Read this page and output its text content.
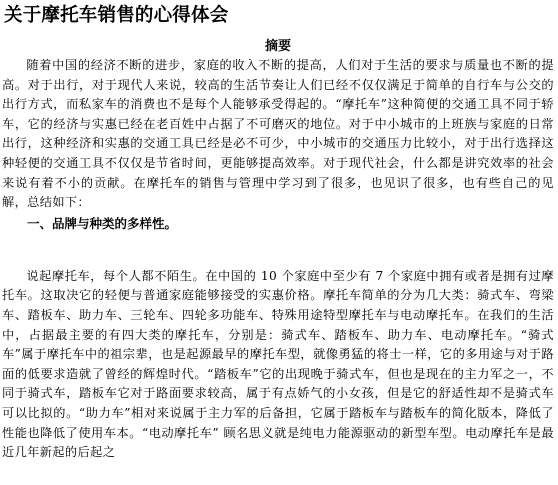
关于摩托车销售的心得体会
摘要

随着中国的经济不断的进步，家庭的收入不断的提高，人们对于生活的要求与质量也不断的提高。对于出行，对于现代人来说，较高的生活节奏让人们已经不仅仅满足于简单的自行车与公交的出行方式，而私家车的消费也不是每个人能够承受得起的。“摩托车”这种简便的交通工具不同于轿车，它的经济与实惠已经在老百姓中占据了不可磨灭的地位。对于中小城市的上班族与家庭的日常出行，这种经济和实惠的交通工具已经是必不可少，中小城市的交通压力比较小，对于出行选择这种轻便的交通工具不仅仅是节省时间，更能够提高效率。对于现代社会，什么都是讲究效率的社会来说有着不小的贡献。在摩托车的销售与管理中学习到了很多，也见识了很多，也有些自己的见解，总结如下：

一、品牌与种类的多样性。

说起摩托车，每个人都不陌生。在中国的 10 个家庭中至少有 7 个家庭中拥有或者是拥有过摩托车。这取决它的轻便与普通家庭能够接受的实惠价格。摩托车简单的分为几大类：骑式车、弯梁车、踏板车、助力车、三轮车、四轮多功能车、特殊用途特型摩托车与电动摩托车。在我们的生活中，占据最主要的有四大类的摩托车，分别是：骑式车、踏板车、助力车、电动摩托车。“骑式车”属于摩托车中的祖宗辈，也是起源最早的摩托车型，就像勇猛的将士一样，它的多用途与对于路面的低要求造就了曾经的辉煌时代。“踏板车”它的出现晚于骑式车，但也是现在的主力军之一，不同于骑式车，踏板车它对于路面要求较高，属于有点娇气的小女孩，但是它的舒适性却不是骑式车可以比拟的。“助力车”相对来说属于主力军的后备担，它属于踏板车与踏板车的简化版本，降低了性能也降低了使用车本。“电动摩托车” 顾名思义就是纯电力能源驱动的新型车型。电动摩托车是最近几年新起的后起之
